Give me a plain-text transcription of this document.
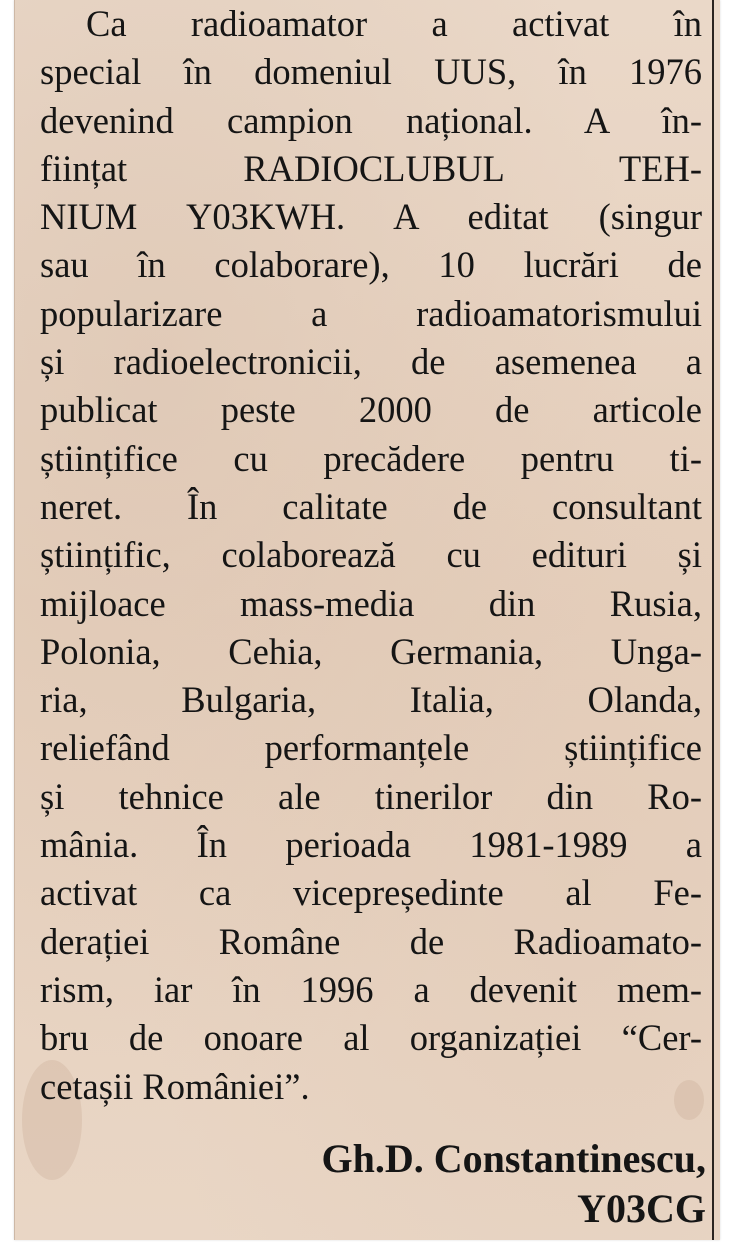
Ca radioamator a activat în
special în domeniul UUS, în 1976
devenind campion național. A în-
ființat RADIOCLUBUL TEH-
NIUM Y03KWH. A editat (singur
sau în colaborare), 10 lucrări de
popularizare a radioamatorismului
și radioelectronicii, de asemenea a
publicat peste 2000 de articole
științifice cu precădere pentru ti-
neret. În calitate de consultant
științific, colaborează cu edituri și
mijloace mass-media din Rusia,
Polonia, Cehia, Germania, Unga-
ria, Bulgaria, Italia, Olanda,
reliefând performanțele științifice
și tehnice ale tinerilor din Ro-
mânia. În perioada 1981-1989 a
activat ca vicepreședinte al Fe-
derației Române de Radioamato-
rism, iar în 1996 a devenit mem-
bru de onoare al organizației “Cer-
cetașii României”.

Gh.D. Constantinescu,
Y03CG
